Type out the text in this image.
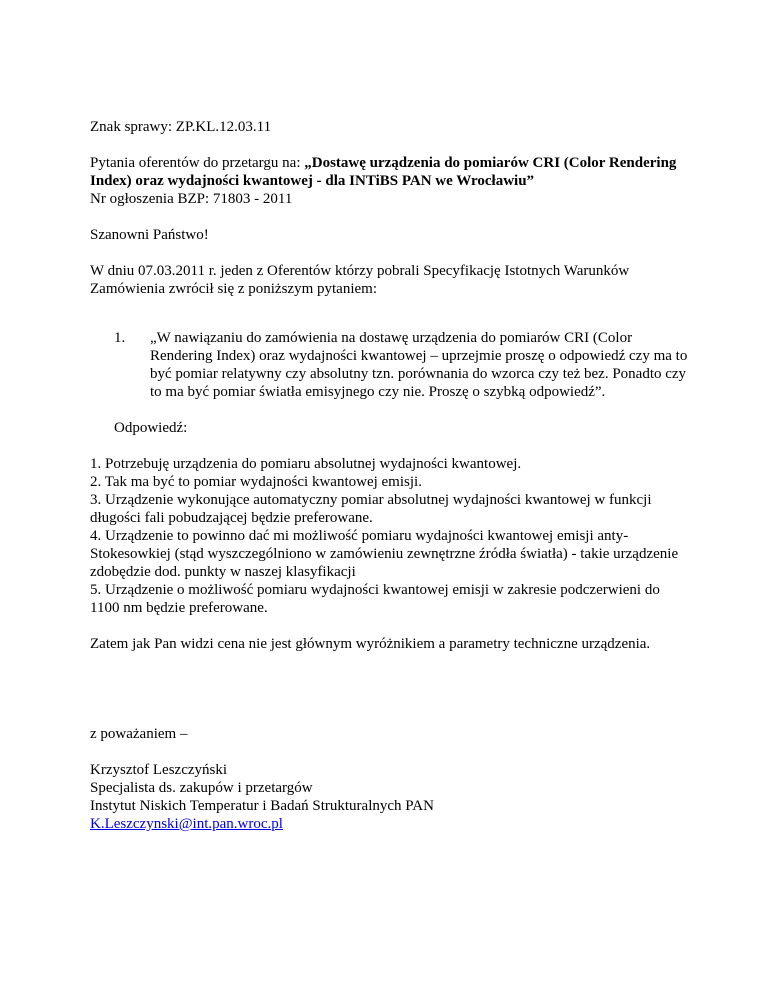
Znak sprawy: ZP.KL.12.03.11

Pytania oferentów do przetargu na: „Dostawę urządzenia do pomiarów CRI (Color Rendering Index) oraz wydajności kwantowej - dla INTiBS PAN we Wrocławiu”
Nr ogłoszenia BZP: 71803 - 2011

Szanowni Państwo!

W dniu 07.03.2011 r. jeden z Oferentów którzy pobrali Specyfikację Istotnych Warunków Zamówienia zwrócił się z poniższym pytaniem:

1.	„W nawiązaniu do zamówienia na dostawę urządzenia do pomiarów CRI (Color Rendering Index) oraz wydajności kwantowej – uprzejmie proszę o odpowiedź czy ma to być pomiar relatywny czy absolutny tzn. porównania do wzorca czy też bez. Ponadto czy to ma być pomiar światła emisyjnego czy nie. Proszę o szybką odpowiedź”.

Odpowiedź:

1. Potrzebuję urządzenia do pomiaru absolutnej wydajności kwantowej.
2. Tak ma być to pomiar wydajności kwantowej emisji.
3. Urządzenie wykonujące automatyczny pomiar absolutnej wydajności kwantowej w funkcji długości fali pobudzającej będzie preferowane.
4. Urządzenie to powinno dać mi możliwość pomiaru wydajności kwantowej emisji anty-Stokesowkiej (stąd wyszczególniono w zamówieniu zewnętrzne źródła światła) - takie urządzenie zdobędzie dod. punkty w naszej klasyfikacji
5. Urządzenie o możliwość pomiaru wydajności kwantowej emisji w zakresie podczerwieni do 1100 nm będzie preferowane.

Zatem jak Pan widzi cena nie jest głównym wyróżnikiem a parametry techniczne urządzenia.

z poważaniem –

Krzysztof Leszczyński
Specjalista ds. zakupów i przetargów
Instytut Niskich Temperatur i Badań Strukturalnych PAN
K.Leszczynski@int.pan.wroc.pl
